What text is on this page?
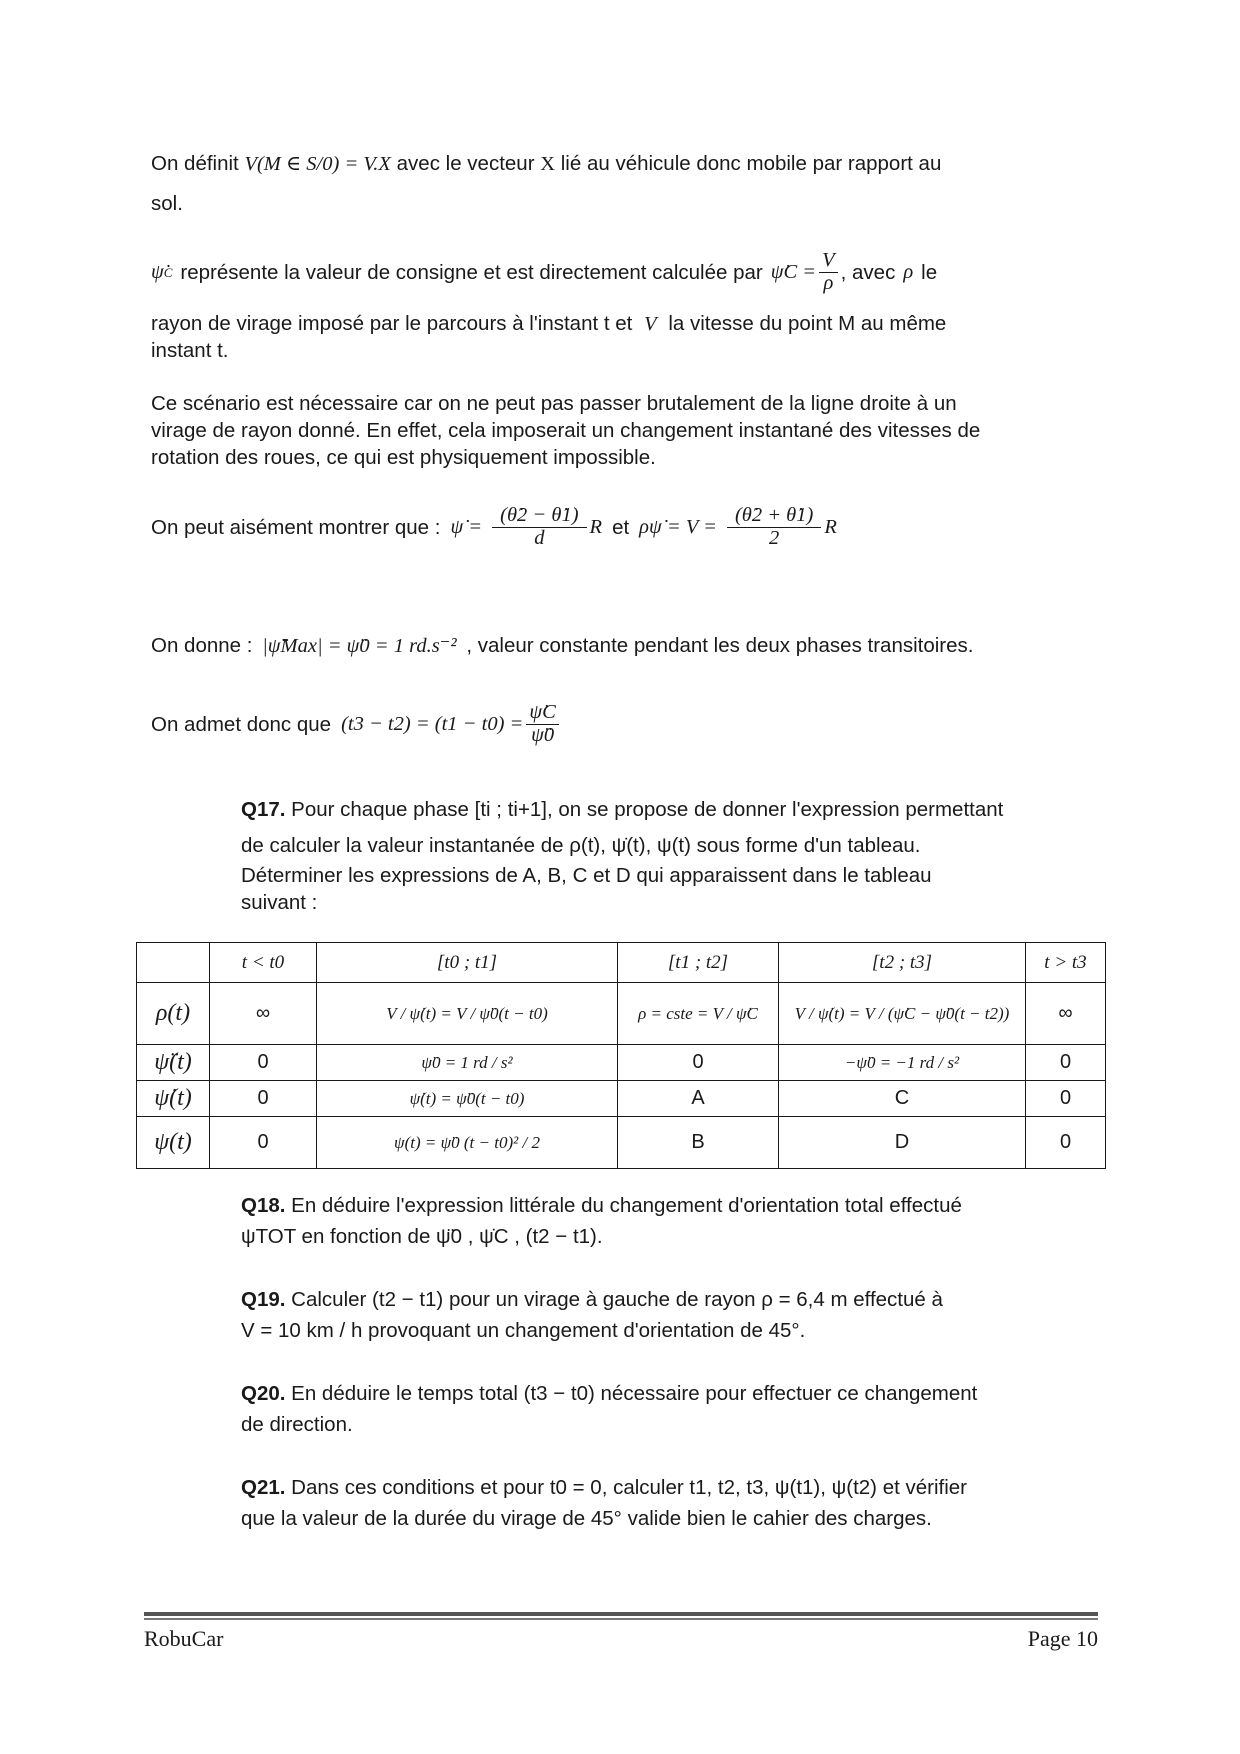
On définit V(M ∈ S/0) = V.X avec le vecteur X lié au véhicule donc mobile par rapport au
sol.
ψ̇ C représente la valeur de consigne et est directement calculée par ψ̇C = $\frac{V}{\rho}$ , avec ρ le
rayon de virage imposé par le parcours à l'instant t et V la vitesse du point M au même
instant t.
Ce scénario est nécessaire car on ne peut pas passer brutalement de la ligne droite à un
virage de rayon donné. En effet, cela imposerait un changement instantané des vitesses de
rotation des roues, ce qui est physiquement impossible.
On peut aisément montrer que : ψ̇ = $\frac{(\thetȧ2 - \thetȧ1)}{d}$ R et ρψ̇ = $V = \frac{(\thetȧ2 + \thetȧ1)}{2}$ R
On donne : |ψ̈Max| = ψ̈0 = 1 rd.s⁻² , valeur constante pendant les deux phases transitoires.
On admet donc que $(t3 - t2) = (t1 - t0) = \frac{\psi̇C}{\psï0}$
Q17. Pour chaque phase [ti ; ti+1], on se propose de donner l'expression permettant
de calculer la valeur instantanée de ρ(t), ψ̇(t), ψ(t) sous forme d'un tableau.
Déterminer les expressions de A, B, C et D qui apparaissent dans le tableau
suivant :
	t < t0	[t0 ; t1]	[t1 ; t2]	[t2 ; t3]	t > t3
ρ(t)	∞	V / ψ̇(t) = V / ψ̈0(t − t0)	ρ = cste = V / ψ̇C	V / ψ̇(t) = V / (ψ̇C − ψ̈0(t − t2))	∞
ψ̈(t)	0	ψ̈0 = 1 rd / s²	0	−ψ̈0 = −1 rd / s²	0
ψ̇(t)	0	ψ̇(t) = ψ̈0(t − t0)	A	C	0
ψ(t)	0	ψ(t) = ψ̈0 (t − t0)² / 2	B	D	0
Q18. En déduire l'expression littérale du changement d'orientation total effectué
ψTOT en fonction de ψ̈0 , ψ̇C , (t2 − t1).
Q19. Calculer (t2 − t1) pour un virage à gauche de rayon ρ = 6,4 m effectué à
V = 10 km / h provoquant un changement d'orientation de 45°.
Q20. En déduire le temps total (t3 − t0) nécessaire pour effectuer ce changement
de direction.
Q21. Dans ces conditions et pour t0 = 0, calculer t1, t2, t3, ψ(t1), ψ(t2) et vérifier
que la valeur de la durée du virage de 45° valide bien le cahier des charges.
RobuCar	Page 10
